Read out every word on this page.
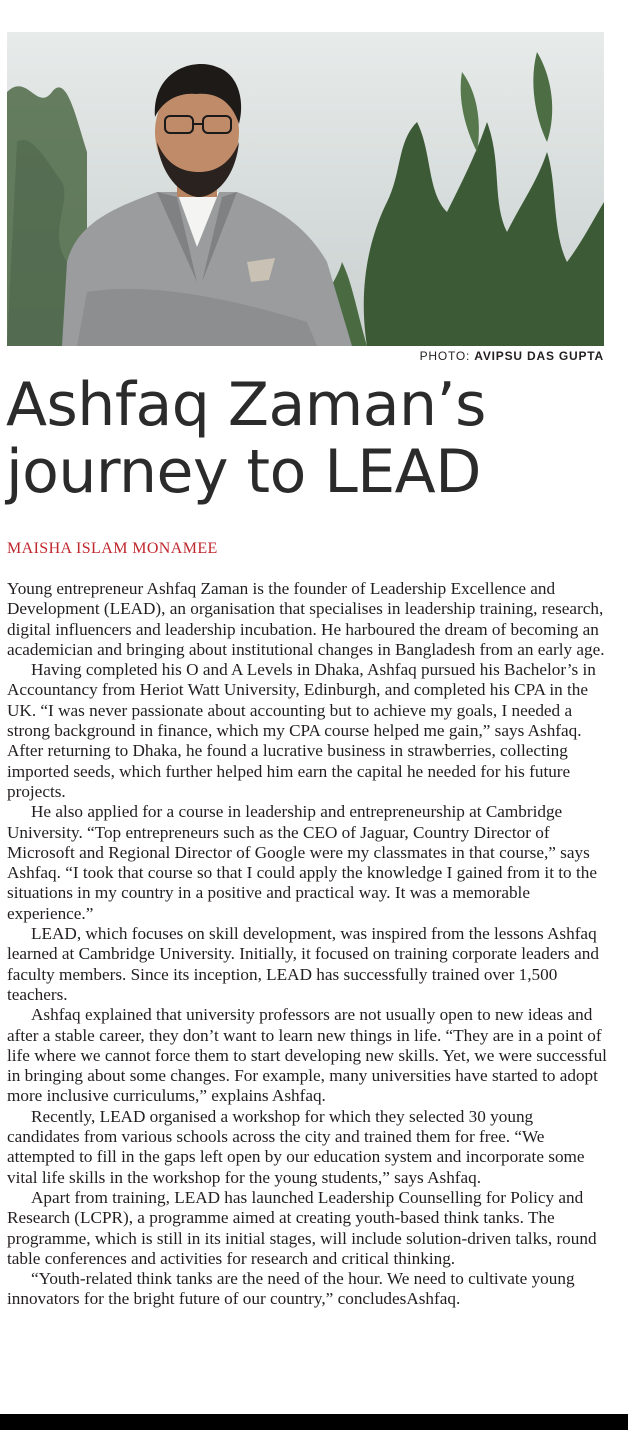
PHOTO: AVIPSU DAS GUPTA
Ashfaq Zaman’s journey to LEAD
MAISHA ISLAM MONAMEE

Young entrepreneur Ashfaq Zaman is the founder of Leadership Excellence and Development (LEAD), an organisation that specialises in leadership training, research, digital influencers and leadership incubation. He harboured the dream of becoming an academician and bringing about institutional changes in Bangladesh from an early age.

Having completed his O and A Levels in Dhaka, Ashfaq pursued his Bachelor’s in Accountancy from Heriot Watt University, Edinburgh, and completed his CPA in the UK. “I was never passionate about accounting but to achieve my goals, I needed a strong background in finance, which my CPA course helped me gain,” says Ashfaq. After returning to Dhaka, he found a lucrative business in strawberries, collecting imported seeds, which further helped him earn the capital he needed for his future projects.

He also applied for a course in leadership and entrepreneurship at Cambridge University. “Top entrepreneurs such as the CEO of Jaguar, Country Director of Microsoft and Regional Director of Google were my classmates in that course,” says Ashfaq. “I took that course so that I could apply the knowledge I gained from it to the situations in my country in a positive and practical way. It was a memorable experience.”

LEAD, which focuses on skill development, was inspired from the lessons Ashfaq learned at Cambridge University. Initially, it focused on training corporate leaders and faculty members. Since its inception, LEAD has successfully trained over 1,500 teachers.

Ashfaq explained that university professors are not usually open to new ideas and after a stable career, they don’t want to learn new things in life. “They are in a point of life where we cannot force them to start developing new skills. Yet, we were successful in bringing about some changes. For example, many universities have started to adopt more inclusive curriculums,” explains Ashfaq.

Recently, LEAD organised a workshop for which they selected 30 young candidates from various schools across the city and trained them for free. “We attempted to fill in the gaps left open by our education system and incorporate some vital life skills in the workshop for the young students,” says Ashfaq.

Apart from training, LEAD has launched Leadership Counselling for Policy and Research (LCPR), a programme aimed at creating youth-based think tanks. The programme, which is still in its initial stages, will include solution-driven talks, round table conferences and activities for research and critical thinking.

“Youth-related think tanks are the need of the hour. We need to cultivate young innovators for the bright future of our country,” concludesAshfaq.
